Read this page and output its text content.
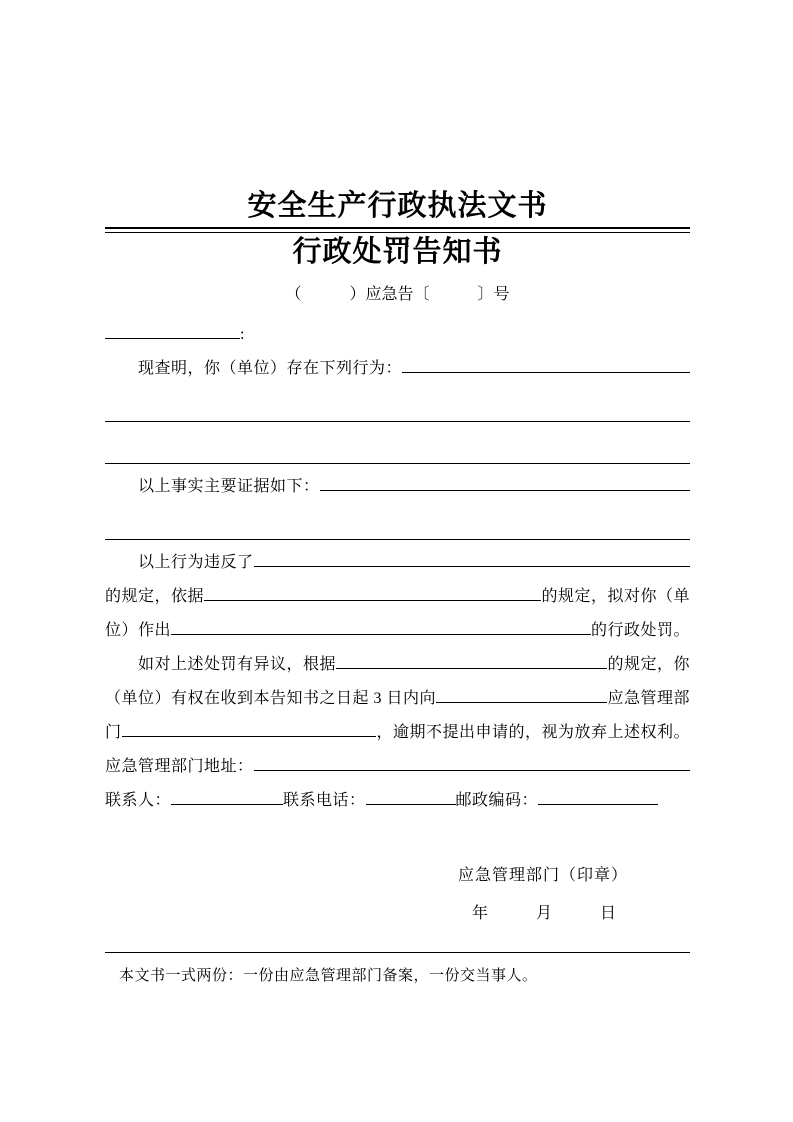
安全生产行政执法文书
行政处罚告知书
（　　　）应急告〔　　　〕号
:
现查明，你（单位）存在下列行为：
以上事实主要证据如下：
以上行为违反了
的规定，依据	的规定，拟对你（单
位）作出	的行政处罚。
如对上述处罚有异议，根据	的规定，你
（单位）有权在收到本告知书之日起 3 日内向	应急管理部
门	，逾期不提出申请的，视为放弃上述权利。
应急管理部门地址：
联系人：	联系电话：	邮政编码：
应急管理部门（印章）
年　　　月　　　日
本文书一式两份：一份由应急管理部门备案，一份交当事人。
